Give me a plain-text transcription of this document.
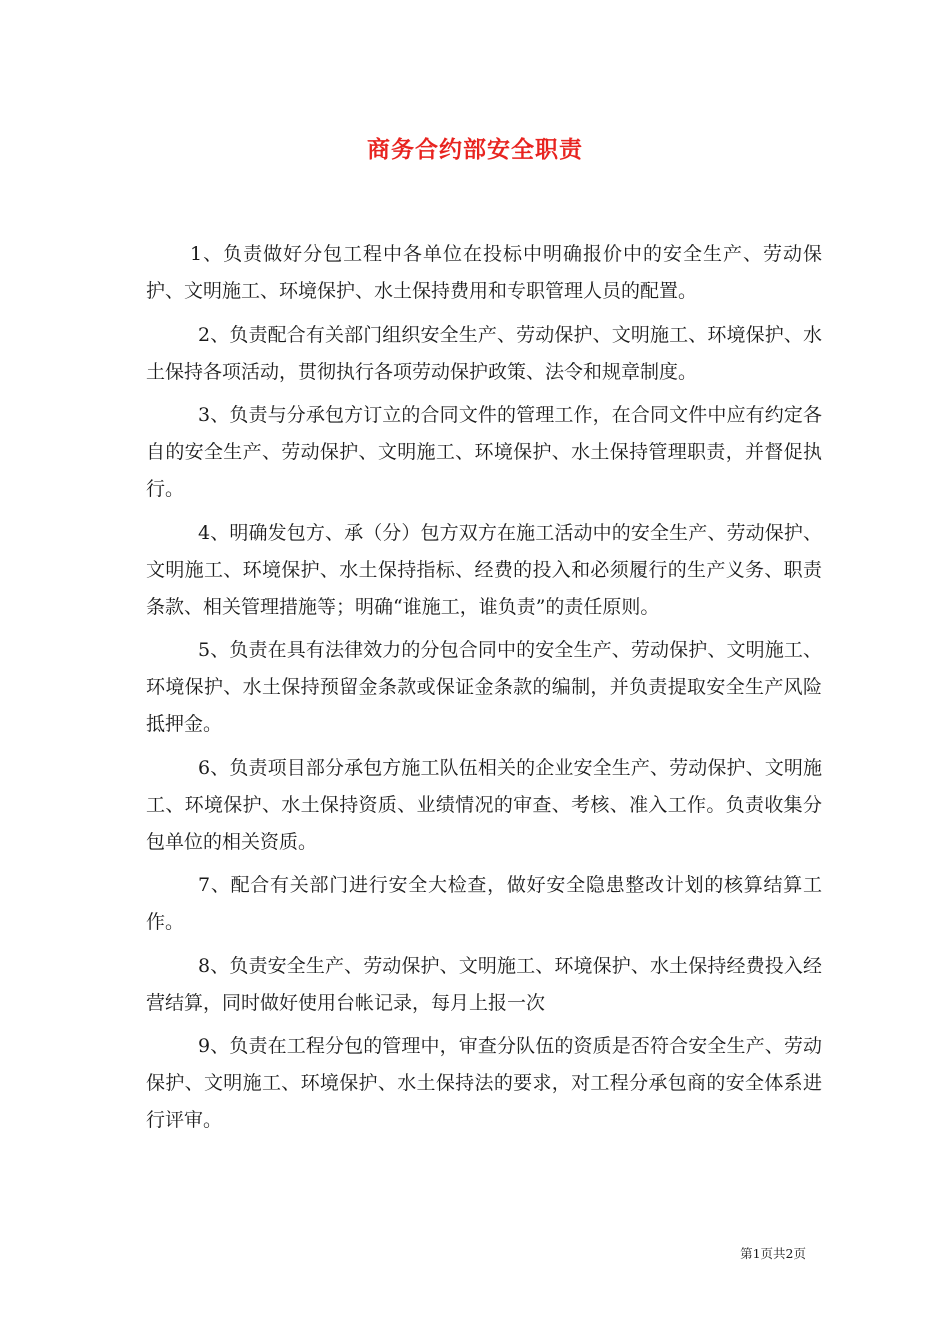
商务合约部安全职责

1、负责做好分包工程中各单位在投标中明确报价中的安全生产、劳动保护、文明施工、环境保护、水土保持费用和专职管理人员的配置。

2、负责配合有关部门组织安全生产、劳动保护、文明施工、环境保护、水土保持各项活动，贯彻执行各项劳动保护政策、法令和规章制度。

3、负责与分承包方订立的合同文件的管理工作，在合同文件中应有约定各自的安全生产、劳动保护、文明施工、环境保护、水土保持管理职责，并督促执行。

4、明确发包方、承（分）包方双方在施工活动中的安全生产、劳动保护、文明施工、环境保护、水土保持指标、经费的投入和必须履行的生产义务、职责条款、相关管理措施等；明确“谁施工，谁负责”的责任原则。

5、负责在具有法律效力的分包合同中的安全生产、劳动保护、文明施工、环境保护、水土保持预留金条款或保证金条款的编制，并负责提取安全生产风险抵押金。

6、负责项目部分承包方施工队伍相关的企业安全生产、劳动保护、文明施工、环境保护、水土保持资质、业绩情况的审查、考核、准入工作。负责收集分包单位的相关资质。

7、配合有关部门进行安全大检查，做好安全隐患整改计划的核算结算工作。

8、负责安全生产、劳动保护、文明施工、环境保护、水土保持经费投入经营结算，同时做好使用台帐记录，每月上报一次

9、负责在工程分包的管理中，审查分队伍的资质是否符合安全生产、劳动保护、文明施工、环境保护、水土保持法的要求，对工程分承包商的安全体系进行评审。

第1页共2页
